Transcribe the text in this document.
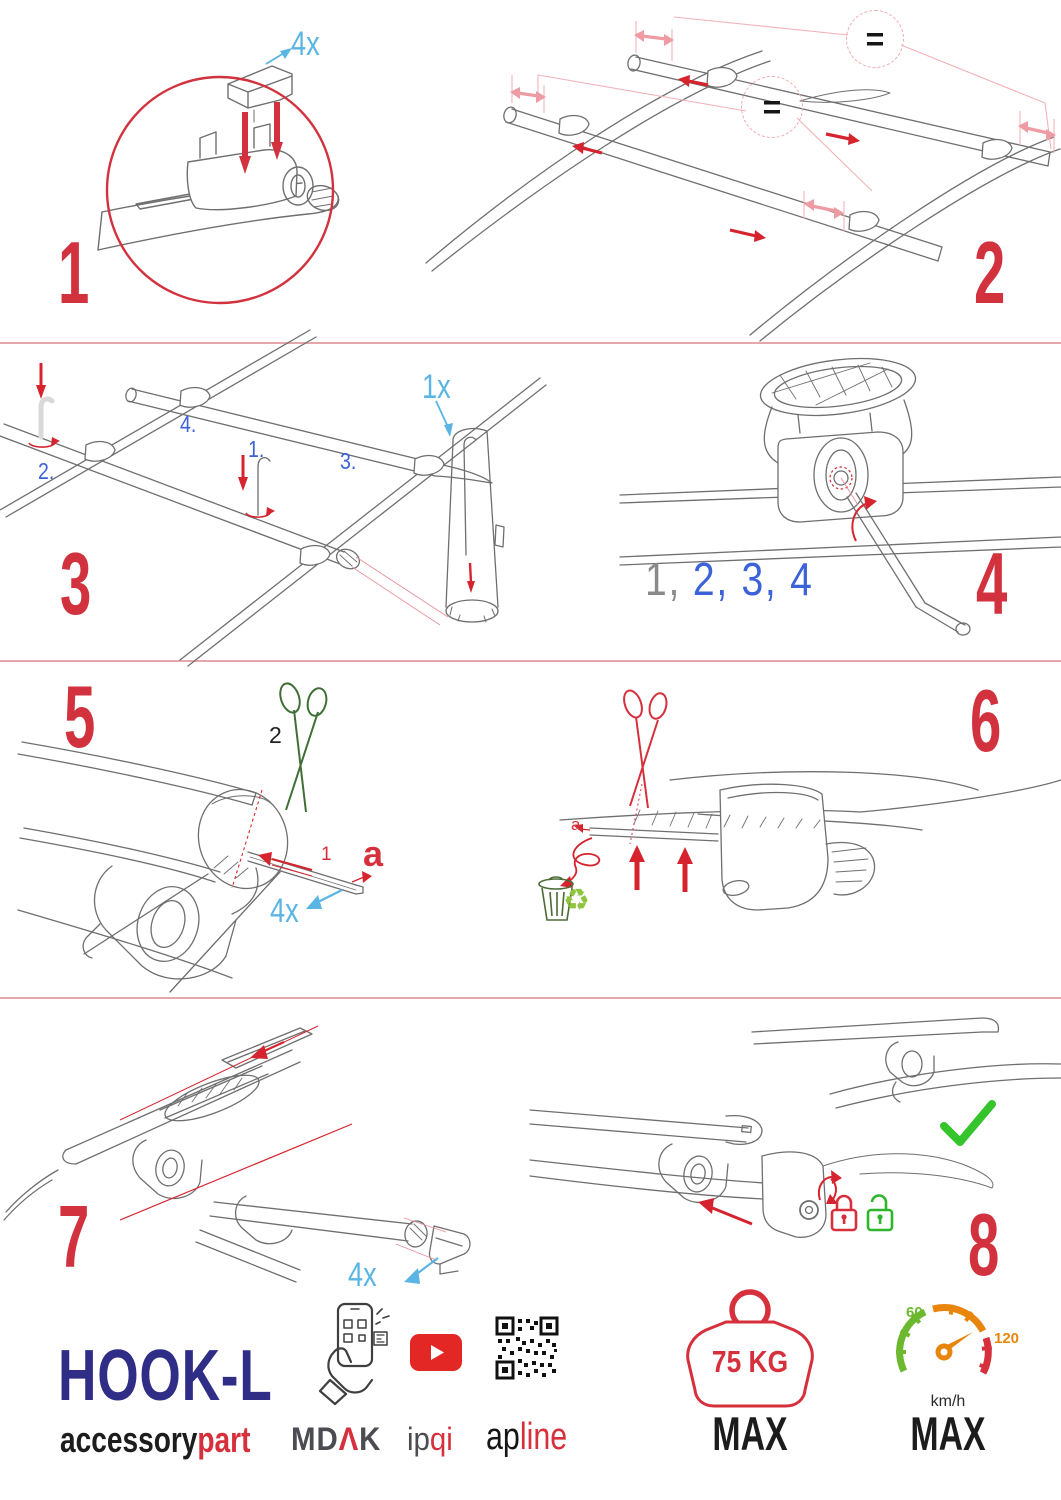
4x
1
=
=
2
2.
4.
1.	3.
1x
3	1, 2, 3, 4 4
5	2
1 a
4x
a
♻
6
7	4x	8
HOOK-L
accessorypart MDΛK ipqi apline
75 KG
MAX
60
120
km/h
MAX
